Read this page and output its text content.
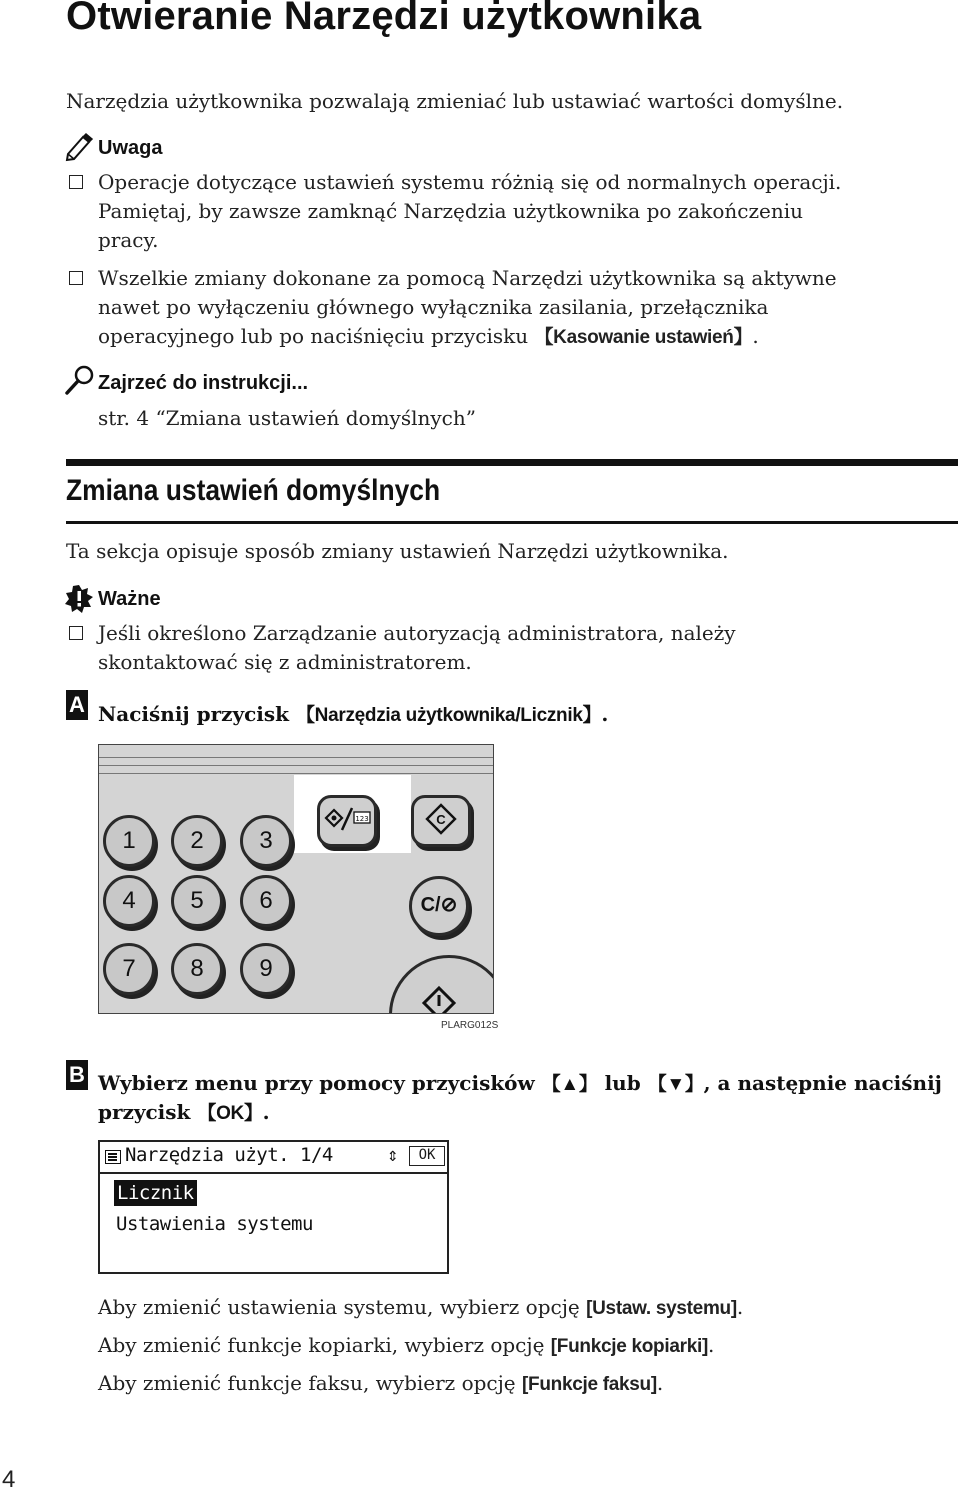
Otwieranie Narzędzi użytkownika
Narzędzia użytkownika pozwalają zmieniać lub ustawiać wartości domyślne.
Uwaga
Operacje dotyczące ustawień systemu różnią się od normalnych operacji.
Pamiętaj, by zawsze zamknąć Narzędzia użytkownika po zakończeniu
pracy.
Wszelkie zmiany dokonane za pomocą Narzędzi użytkownika są aktywne
nawet po wyłączeniu głównego wyłącznika zasilania, przełącznika
operacyjnego lub po naciśnięciu przycisku 【Kasowanie ustawień】.
Zajrzeć do instrukcji...
str. 4 “Zmiana ustawień domyślnych”
Zmiana ustawień domyślnych
Ta sekcja opisuje sposób zmiany ustawień Narzędzi użytkownika.
Ważne
Jeśli określono Zarządzanie autoryzacją administratora, należy
skontaktować się z administratorem.
A Naciśnij przycisk 【Narzędzia użytkownika/Licznik】.
1	2	3
4	5	6
7	8	9
123	C
C/⊘
PLARG012S
B Wybierz menu przy pomocy przycisków 【▲】 lub 【▼】, a następnie naciśnij
przycisk 【OK】.
Narzędzia użyt. 1/4	⇕	OK
Licznik
Ustawienia systemu
Aby zmienić ustawienia systemu, wybierz opcję [Ustaw. systemu].
Aby zmienić funkcje kopiarki, wybierz opcję [Funkcje kopiarki].
Aby zmienić funkcje faksu, wybierz opcję [Funkcje faksu].
4
